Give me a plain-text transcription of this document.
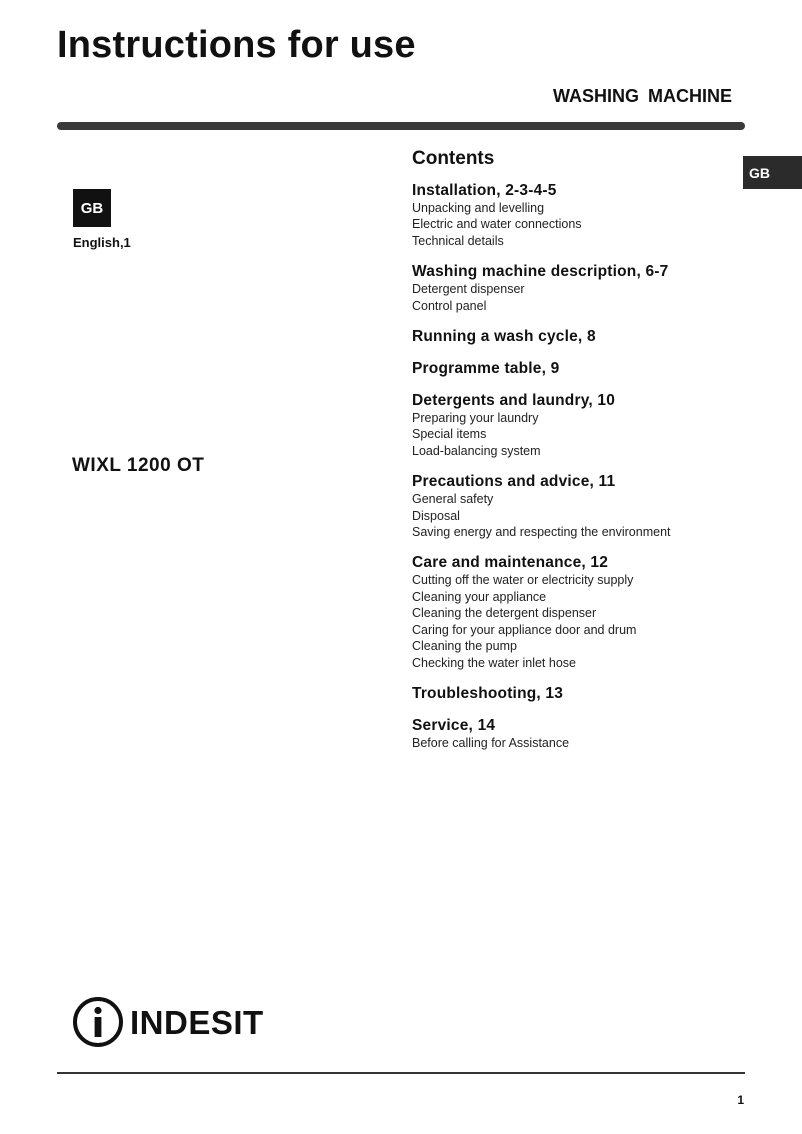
Instructions for use
WASHING MACHINE
GB
GB
English,1
WIXL 1200 OT
Contents
Installation, 2-3-4-5
Unpacking and levelling
Electric and water connections
Technical details
Washing machine description, 6-7
Detergent dispenser
Control panel
Running a wash cycle, 8
Programme table, 9
Detergents and laundry, 10
Preparing your laundry
Special items
Load-balancing system
Precautions and advice, 11
General safety
Disposal
Saving energy and respecting the environment
Care and maintenance, 12
Cutting off the water or electricity supply
Cleaning your appliance
Cleaning the detergent dispenser
Caring for your appliance door and drum
Cleaning the pump
Checking the water inlet hose
Troubleshooting, 13
Service, 14
Before calling for Assistance
INDESIT
1
